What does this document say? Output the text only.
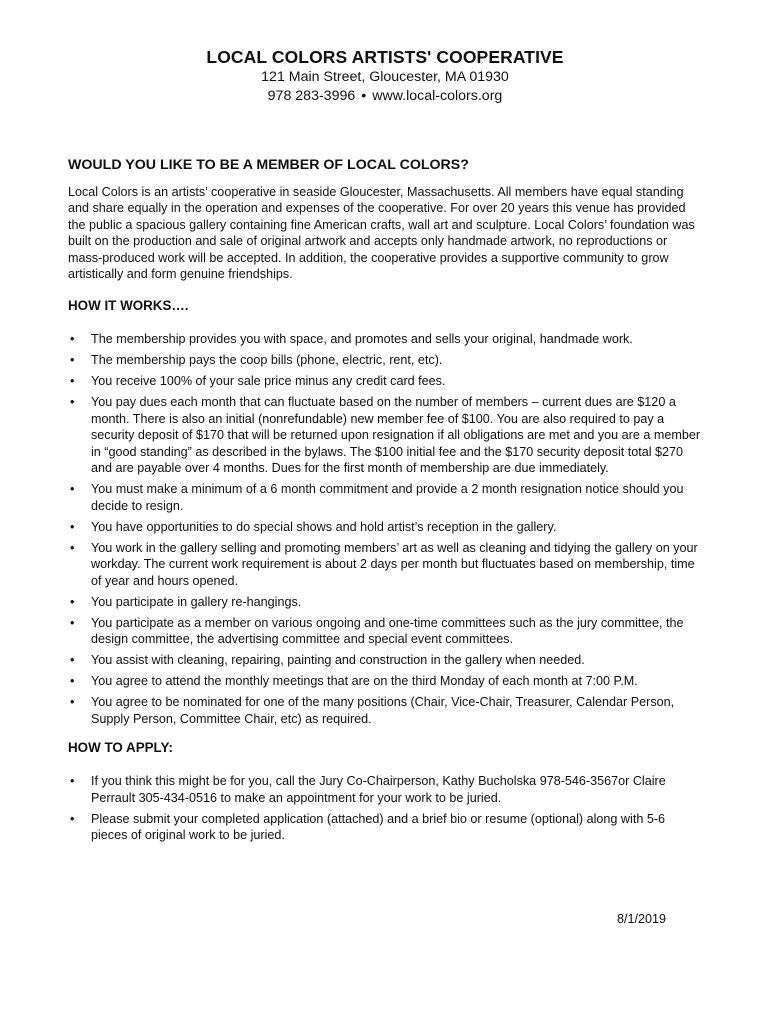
LOCAL COLORS ARTISTS' COOPERATIVE
121 Main Street, Gloucester, MA 01930
978 283-3996 • www.local-colors.org
WOULD YOU LIKE TO BE A MEMBER OF LOCAL COLORS?

Local Colors is an artists’ cooperative in seaside Gloucester, Massachusetts. All members have equal standing and share equally in the operation and expenses of the cooperative. For over 20 years this venue has provided the public a spacious gallery containing fine American crafts, wall art and sculpture. Local Colors’ foundation was built on the production and sale of original artwork and accepts only handmade artwork, no reproductions or mass-produced work will be accepted. In addition, the cooperative provides a supportive community to grow artistically and form genuine friendships.

HOW IT WORKS….
• The membership provides you with space, and promotes and sells your original, handmade work.
• The membership pays the coop bills (phone, electric, rent, etc).
• You receive 100% of your sale price minus any credit card fees.
• You pay dues each month that can fluctuate based on the number of members – current dues are $120 a month. There is also an initial (nonrefundable) new member fee of $100. You are also required to pay a security deposit of $170 that will be returned upon resignation if all obligations are met and you are a member in “good standing” as described in the bylaws. The $100 initial fee and the $170 security deposit total $270 and are payable over 4 months. Dues for the first month of membership are due immediately.
• You must make a minimum of a 6 month commitment and provide a 2 month resignation notice should you decide to resign.
• You have opportunities to do special shows and hold artist’s reception in the gallery.
• You work in the gallery selling and promoting members’ art as well as cleaning and tidying the gallery on your workday. The current work requirement is about 2 days per month but fluctuates based on membership, time of year and hours opened.
• You participate in gallery re-hangings.
• You participate as a member on various ongoing and one-time committees such as the jury committee, the design committee, the advertising committee and special event committees.
• You assist with cleaning, repairing, painting and construction in the gallery when needed.
• You agree to attend the monthly meetings that are on the third Monday of each month at 7:00 P.M.
• You agree to be nominated for one of the many positions (Chair, Vice-Chair, Treasurer, Calendar Person, Supply Person, Committee Chair, etc) as required.
HOW TO APPLY:
• If you think this might be for you, call the Jury Co-Chairperson, Kathy Bucholska 978-546-3567or Claire Perrault 305-434-0516 to make an appointment for your work to be juried.
• Please submit your completed application (attached) and a brief bio or resume (optional) along with 5-6 pieces of original work to be juried.
8/1/2019
